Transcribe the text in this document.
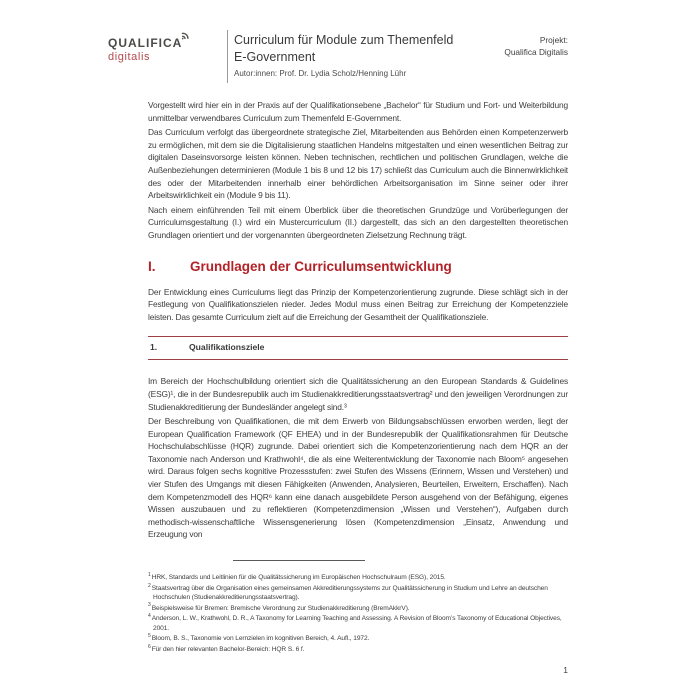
QUALIFICA
digitalis
Curriculum für Module zum Themenfeld
E-Government
Autor:innen: Prof. Dr. Lydia Scholz/Henning Lühr
Projekt:
Qualifica Digitalis

Vorgestellt wird hier ein in der Praxis auf der Qualifikationsebene „Bachelor“ für Studium und Fort- und Weiterbildung unmittelbar verwendbares Curriculum zum Themenfeld E-Government.

Das Curriculum verfolgt das übergeordnete strategische Ziel, Mitarbeitenden aus Behörden einen Kompetenzerwerb zu ermöglichen, mit dem sie die Digitalisierung staatlichen Handelns mitgestalten und einen wesentlichen Beitrag zur digitalen Daseinsvorsorge leisten können. Neben technischen, rechtlichen und politischen Grundlagen, welche die Außenbeziehungen determinieren (Module 1 bis 8 und 12 bis 17) schließt das Curriculum auch die Binnenwirklichkeit des oder der Mitarbeitenden innerhalb einer behördlichen Arbeitsorganisation im Sinne seiner oder ihrer Arbeitswirklichkeit ein (Module 9 bis 11).

Nach einem einführenden Teil mit einem Überblick über die theoretischen Grundzüge und Vorüberlegungen der Curriculumsgestaltung (I.) wird ein Mustercurriculum (II.) dargestellt, das sich an den dargestellten theoretischen Grundlagen orientiert und der vorgenannten übergeordneten Zielsetzung Rechnung trägt.

I.	Grundlagen der Curriculumsentwicklung

Der Entwicklung eines Curriculums liegt das Prinzip der Kompetenzorientierung zugrunde. Diese schlägt sich in der Festlegung von Qualifikationszielen nieder. Jedes Modul muss einen Beitrag zur Erreichung der Kompetenzziele leisten. Das gesamte Curriculum zielt auf die Erreichung der Gesamtheit der Qualifikationsziele.

1.	Qualifikationsziele

Im Bereich der Hochschulbildung orientiert sich die Qualitätssicherung an den European Standards & Guidelines (ESG)¹, die in der Bundesrepublik auch im Studienakkreditierungsstaatsvertrag² und den jeweiligen Verordnungen zur Studienakkreditierung der Bundesländer angelegt sind.³

Der Beschreibung von Qualifikationen, die mit dem Erwerb von Bildungsabschlüssen erworben werden, liegt der European Qualification Framework (QF EHEA) und in der Bundesrepublik der Qualifikationsrahmen für Deutsche Hochschulabschlüsse (HQR) zugrunde. Dabei orientiert sich die Kompetenzorientierung nach dem HQR an der Taxonomie nach Anderson und Krathwohl⁴, die als eine Weiterentwicklung der Taxonomie nach Bloom⁵ angesehen wird. Daraus folgen sechs kognitive Prozessstufen: zwei Stufen des Wissens (Erinnern, Wissen und Verstehen) und vier Stufen des Umgangs mit diesen Fähigkeiten (Anwenden, Analysieren, Beurteilen, Erweitern, Erschaffen). Nach dem Kompetenzmodell des HQR⁶ kann eine danach ausgebildete Person ausgehend von der Befähigung, eigenes Wissen auszubauen und zu reflektieren (Kompetenzdimension „Wissen und Verstehen“), Aufgaben durch methodisch-wissenschaftliche Wissensgenerierung lösen (Kompetenzdimension „Einsatz, Anwendung und Erzeugung von

$^1$HRK, Standards und Leitlinien für die Qualitätssicherung im Europäischen Hochschulraum (ESG), 2015.
$^2$Staatsvertrag über die Organisation eines gemeinsamen Akkreditierungssystems zur Qualitätssicherung in Studium und Lehre an deutschen Hochschulen (Studienakkreditierungsstaatsvertrag).
$^3$Beispielsweise für Bremen: Bremische Verordnung zur Studienakkreditierung (BremAkkrV).
$^4$Anderson, L. W., Krathwohl, D. R., A Taxonomy for Learning Teaching and Assessing. A Revision of Bloom’s Taxonomy of Educational Objectives, 2001.
$^5$Bloom, B. S., Taxonomie von Lernzielen im kognitiven Bereich, 4. Aufl., 1972.
$^6$Für den hier relevanten Bachelor-Bereich: HQR S. 6 f.
1
